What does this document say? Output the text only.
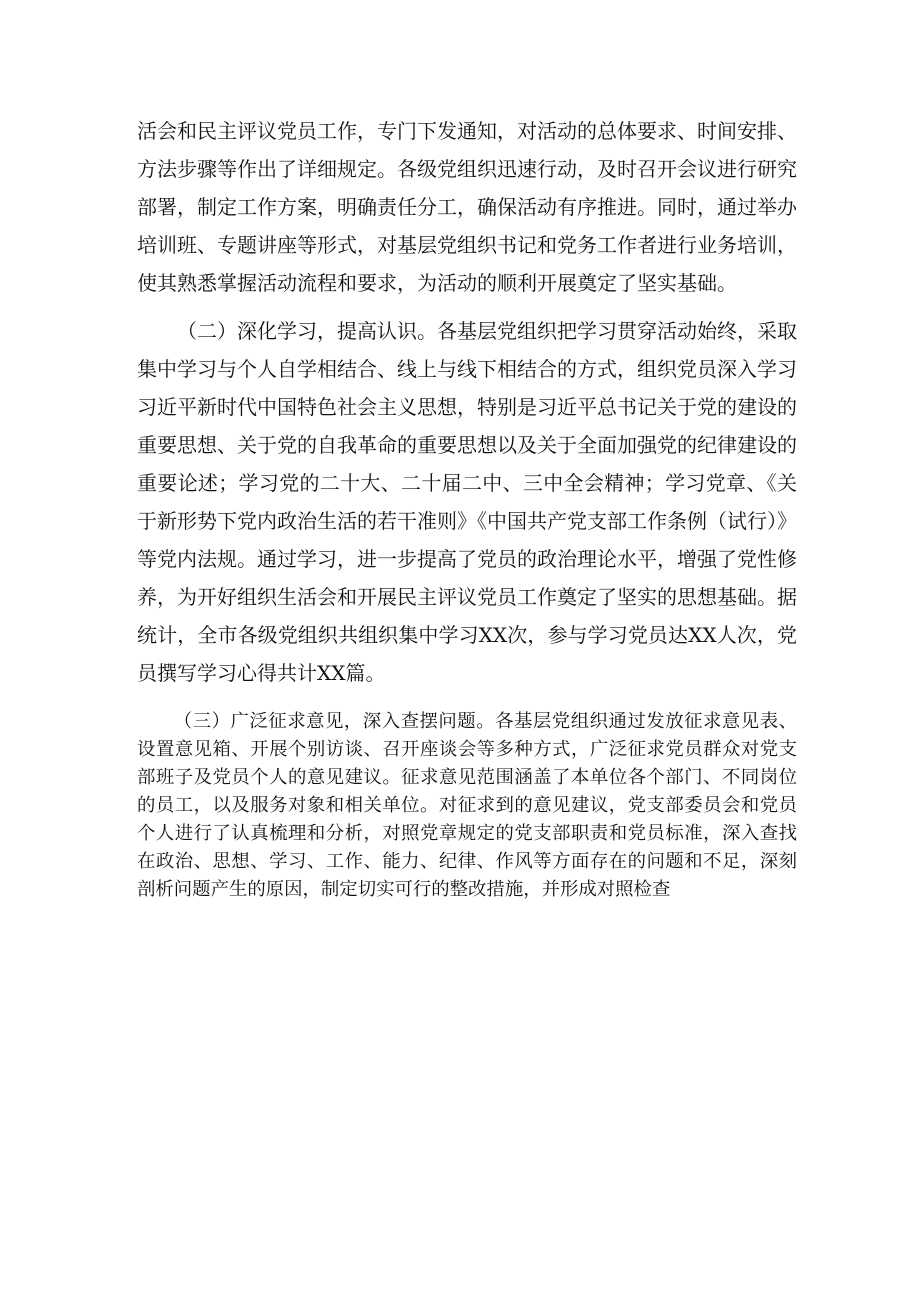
活会和民主评议党员工作，专门下发通知，对活动的总体要求、时间安排、方法步骤等作出了详细规定。各级党组织迅速行动，及时召开会议进行研究部署，制定工作方案，明确责任分工，确保活动有序推进。同时，通过举办培训班、专题讲座等形式，对基层党组织书记和党务工作者进行业务培训，使其熟悉掌握活动流程和要求，为活动的顺利开展奠定了坚实基础。

（二）深化学习，提高认识。各基层党组织把学习贯穿活动始终，采取集中学习与个人自学相结合、线上与线下相结合的方式，组织党员深入学习习近平新时代中国特色社会主义思想，特别是习近平总书记关于党的建设的重要思想、关于党的自我革命的重要思想以及关于全面加强党的纪律建设的重要论述；学习党的二十大、二十届二中、三中全会精神；学习党章、《关于新形势下党内政治生活的若干准则》《中国共产党支部工作条例（试行）》等党内法规。通过学习，进一步提高了党员的政治理论水平，增强了党性修养，为开好组织生活会和开展民主评议党员工作奠定了坚实的思想基础。据统计，全市各级党组织共组织集中学习XX次，参与学习党员达XX人次，党员撰写学习心得共计XX篇。

（三）广泛征求意见，深入查摆问题。各基层党组织通过发放征求意见表、设置意见箱、开展个别访谈、召开座谈会等多种方式，广泛征求党员群众对党支部班子及党员个人的意见建议。征求意见范围涵盖了本单位各个部门、不同岗位的员工，以及服务对象和相关单位。对征求到的意见建议，党支部委员会和党员个人进行了认真梳理和分析，对照党章规定的党支部职责和党员标准，深入查找在政治、思想、学习、工作、能力、纪律、作风等方面存在的问题和不足，深刻剖析问题产生的原因，制定切实可行的整改措施，并形成对照检查
